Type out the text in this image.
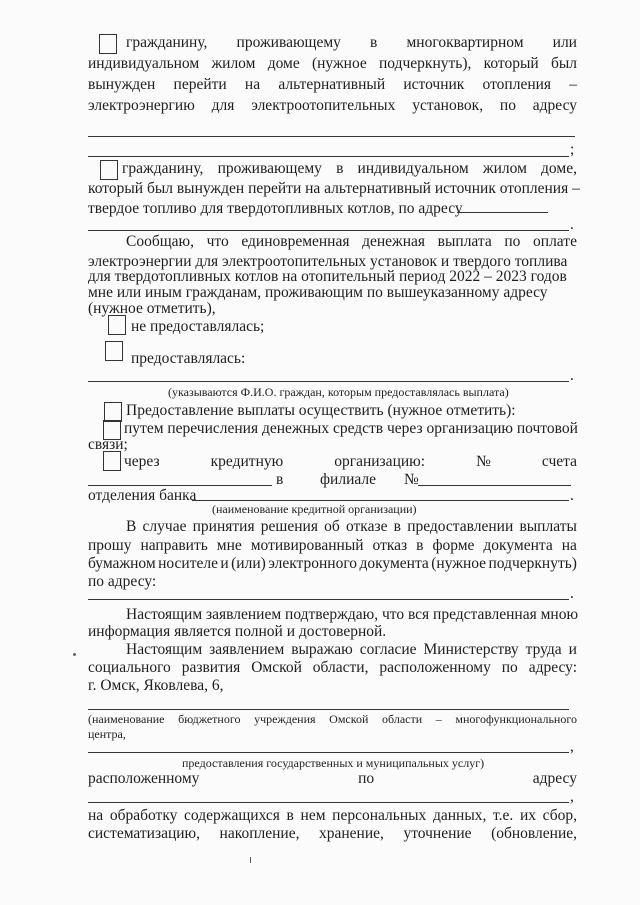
гражданину, проживающему в многоквартирном или
индивидуальном жилом доме (нужное подчеркнуть), который был
вынужден перейти на альтернативный источник отопления –
электроэнергию для электроотопительных установок, по адресу
;
гражданину, проживающему в индивидуальном жилом доме,
который был вынужден перейти на альтернативный источник отопления –
твердое топливо для твердотопливных котлов, по адресу
.
Сообщаю, что единовременная денежная выплата по оплате
электроэнергии для электроотопительных установок и твердого топлива
для твердотопливных котлов на отопительный период 2022 – 2023 годов
мне или иным гражданам, проживающим по вышеуказанному адресу
(нужное отметить),
не предоставлялась;
предоставлялась:
.
(указываются Ф.И.О. граждан, которым предоставлялась выплата)
Предоставление выплаты осуществить (нужное отметить):
путем перечисления денежных средств через организацию почтовой
связи;
через	кредитную	организацию:	№	счета
в филиале №
отделения банка	.
(наименование кредитной организации)
В случае принятия решения об отказе в предоставлении выплаты
прошу направить мне мотивированный отказ в форме документа на
бумажном носителе и (или) электронного документа (нужное подчеркнуть)
по адресу:
.
Настоящим заявлением подтверждаю, что вся представленная мною
информация является полной и достоверной.
Настоящим заявлением выражаю согласие Министерству труда и
социального развития Омской области, расположенному по адресу:
г. Омск, Яковлева, 6,
(наименование бюджетного учреждения Омской области – многофункционального
центра,
,
предоставления государственных и муниципальных услуг)
расположенному	по	адресу
,
на обработку содержащихся в нем персональных данных, т.е. их сбор,
систематизацию, накопление, хранение, уточнение (обновление,
